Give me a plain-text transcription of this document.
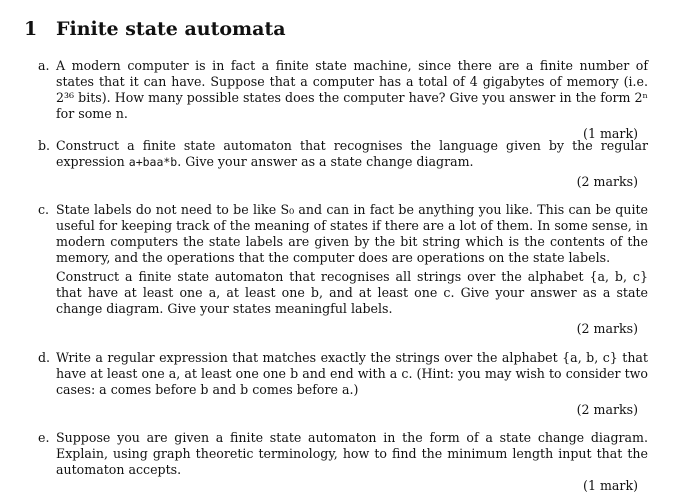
1 Finite state automata
a. A modern computer is in fact a finite state machine, since there are a finite number of states that it can have. Suppose that a computer has a total of 4 gigabytes of memory (i.e. 2³⁶ bits). How many possible states does the computer have? Give you answer in the form 2ⁿ for some n.

(1 mark)
b. Construct a finite state automaton that recognises the language given by the regular expression a+baa*b. Give your answer as a state change diagram.

(2 marks)
c. State labels do not need to be like S₀ and can in fact be anything you like. This can be quite useful for keeping track of the meaning of states if there are a lot of them. In some sense, in modern computers the state labels are given by the bit string which is the contents of the memory, and the operations that the computer does are operations on the state labels.

Construct a finite state automaton that recognises all strings over the alphabet {a, b, c} that have at least one a, at least one b, and at least one c. Give your answer as a state change diagram. Give your states meaningful labels.

(2 marks)
d. Write a regular expression that matches exactly the strings over the alphabet {a, b, c} that have at least one a, at least one one b and end with a c. (Hint: you may wish to consider two cases: a comes before b and b comes before a.)

(2 marks)
e. Suppose you are given a finite state automaton in the form of a state change diagram. Explain, using graph theoretic terminology, how to find the minimum length input that the automaton accepts.

(1 mark)
